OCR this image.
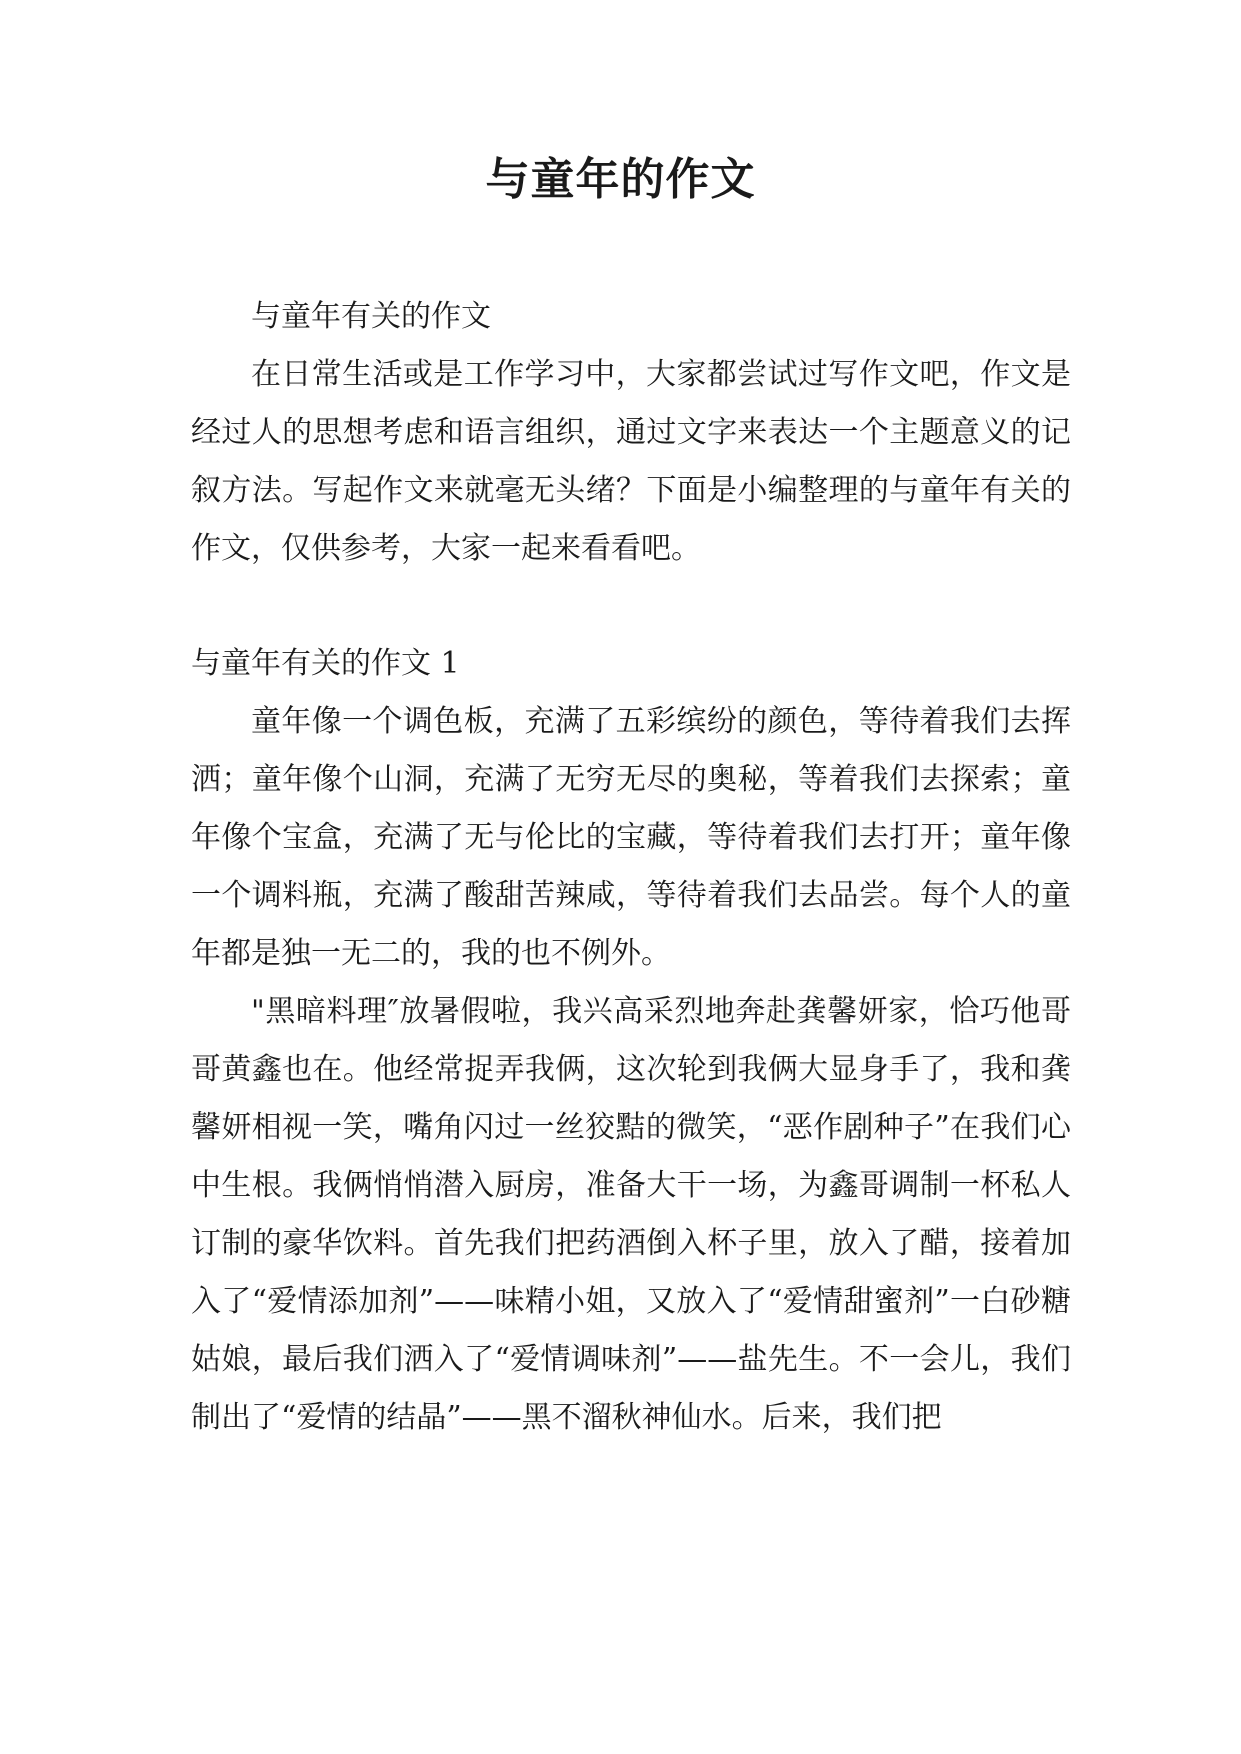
与童年的作文

与童年有关的作文

在日常生活或是工作学习中，大家都尝试过写作文吧，作文是经过人的思想考虑和语言组织，通过文字来表达一个主题意义的记叙方法。写起作文来就毫无头绪？下面是小编整理的与童年有关的作文，仅供参考，大家一起来看看吧。

与童年有关的作文 1

童年像一个调色板，充满了五彩缤纷的颜色，等待着我们去挥洒；童年像个山洞，充满了无穷无尽的奥秘，等着我们去探索；童年像个宝盒，充满了无与伦比的宝藏，等待着我们去打开；童年像一个调料瓶，充满了酸甜苦辣咸，等待着我们去品尝。每个人的童年都是独一无二的，我的也不例外。

"黑暗料理″放暑假啦，我兴高采烈地奔赴龚馨妍家，恰巧他哥哥黄鑫也在。他经常捉弄我俩，这次轮到我俩大显身手了，我和龚馨妍相视一笑，嘴角闪过一丝狡黠的微笑，“恶作剧种子”在我们心中生根。我俩悄悄潜入厨房，准备大干一场，为鑫哥调制一杯私人订制的豪华饮料。首先我们把药酒倒入杯子里，放入了醋，接着加入了“爱情添加剂”——味精小姐，又放入了“爱情甜蜜剂”一白砂糖姑娘，最后我们洒入了“爱情调味剂”——盐先生。不一会儿，我们制出了“爱情的结晶”——黑不溜秋神仙水。后来，我们把
